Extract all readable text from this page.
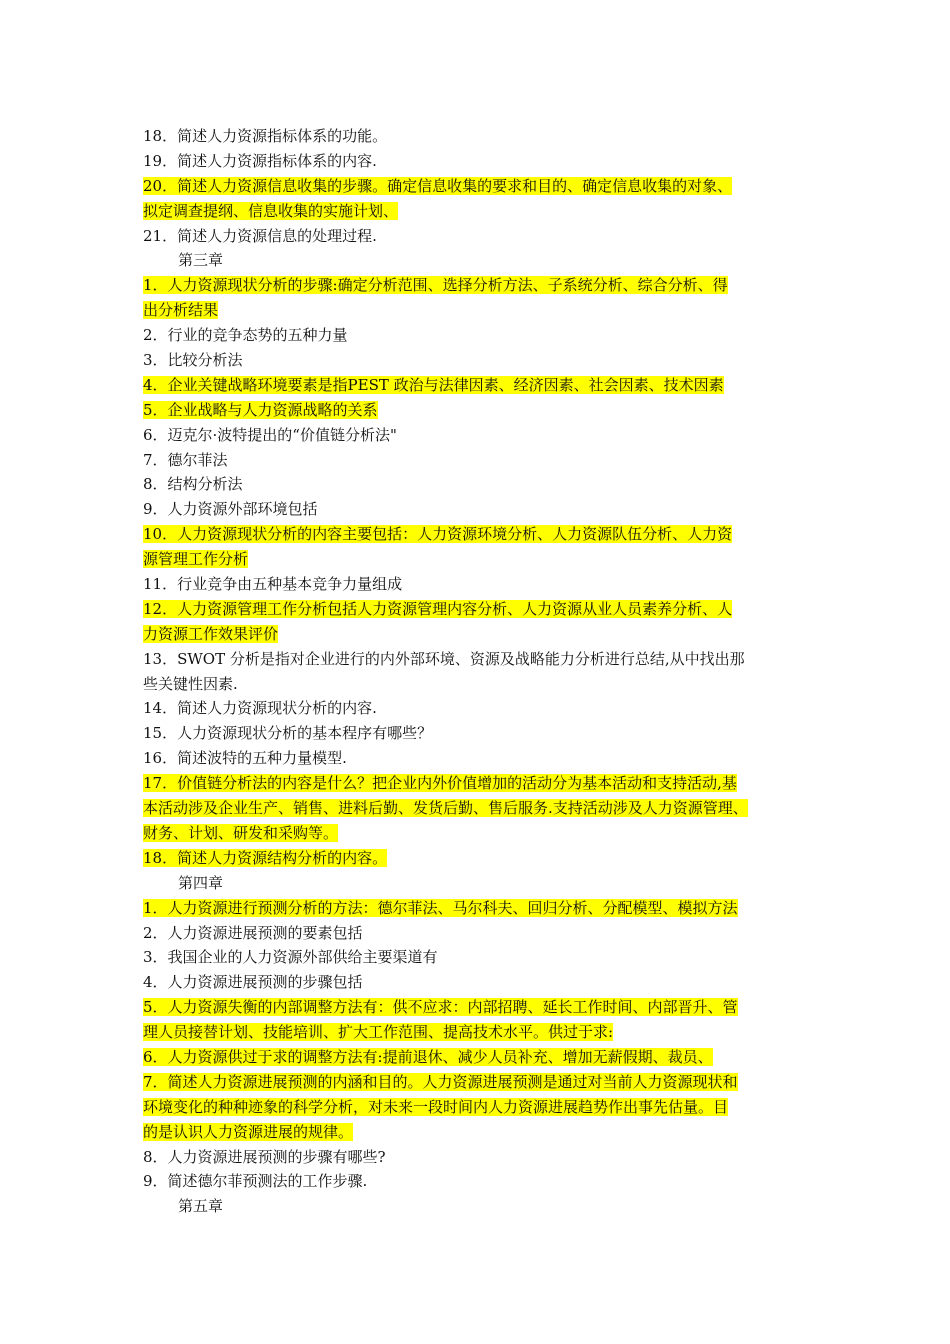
18．简述人力资源指标体系的功能。
19．简述人力资源指标体系的内容.
20．简述人力资源信息收集的步骤。确定信息收集的要求和目的、确定信息收集的对象、
拟定调查提纲、信息收集的实施计划、
21．简述人力资源信息的处理过程.
第三章
1．人力资源现状分析的步骤:确定分析范围、选择分析方法、子系统分析、综合分析、得
出分析结果
2．行业的竞争态势的五种力量
3．比较分析法
4．企业关键战略环境要素是指PEST 政治与法律因素、经济因素、社会因素、技术因素
5．企业战略与人力资源战略的关系
6．迈克尔·波特提出的“价值链分析法"
7．德尔菲法
8．结构分析法
9．人力资源外部环境包括
10．人力资源现状分析的内容主要包括：人力资源环境分析、人力资源队伍分析、人力资
源管理工作分析
11．行业竞争由五种基本竞争力量组成
12．人力资源管理工作分析包括人力资源管理内容分析、人力资源从业人员素养分析、人
力资源工作效果评价
13．SWOT 分析是指对企业进行的内外部环境、资源及战略能力分析进行总结,从中找出那
些关键性因素.
14．简述人力资源现状分析的内容.
15．人力资源现状分析的基本程序有哪些？
16．简述波特的五种力量模型.
17．价值链分析法的内容是什么？把企业内外价值增加的活动分为基本活动和支持活动,基
本活动涉及企业生产、销售、进料后勤、发货后勤、售后服务.支持活动涉及人力资源管理、
财务、计划、研发和采购等。
18．简述人力资源结构分析的内容。
第四章
1．人力资源进行预测分析的方法：德尔菲法、马尔科夫、回归分析、分配模型、模拟方法
2．人力资源进展预测的要素包括
3．我国企业的人力资源外部供给主要渠道有
4．人力资源进展预测的步骤包括
5．人力资源失衡的内部调整方法有：供不应求：内部招聘、延长工作时间、内部晋升、管
理人员接替计划、技能培训、扩大工作范围、提高技术水平。供过于求:
6．人力资源供过于求的调整方法有:提前退休、减少人员补充、增加无薪假期、裁员、
7．简述人力资源进展预测的内涵和目的。人力资源进展预测是通过对当前人力资源现状和
环境变化的种种迹象的科学分析，对未来一段时间内人力资源进展趋势作出事先估量。目
的是认识人力资源进展的规律。
8．人力资源进展预测的步骤有哪些?
9．简述德尔菲预测法的工作步骤.
第五章
